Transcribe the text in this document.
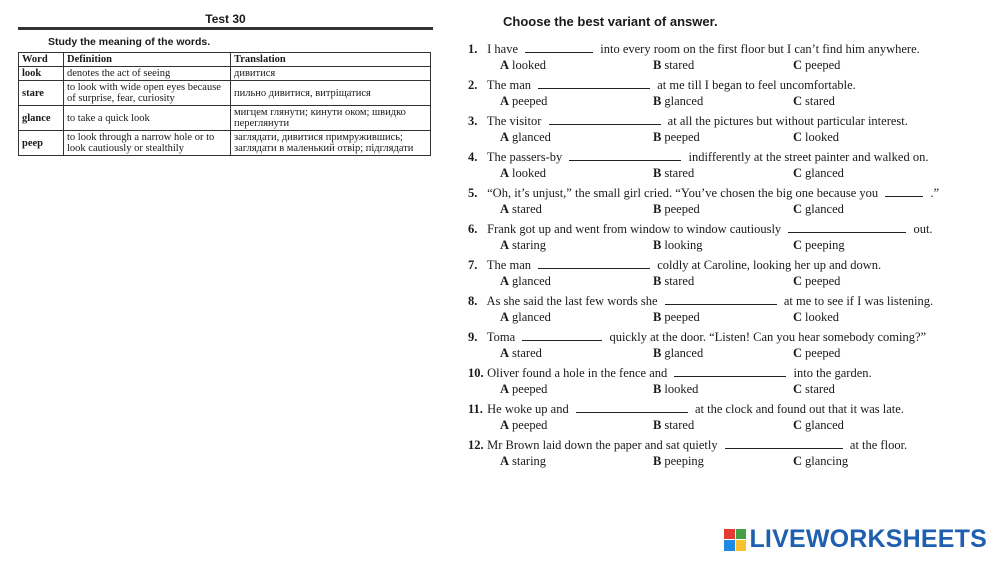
Test 30
Study the meaning of the words.
Word	Definition	Translation
look	denotes the act of seeing	дивитися
stare	to look with wide open eyes because of surprise, fear, curiosity	пильно дивитися, витріщатися
glance	to take a quick look	мигцем глянути; кинути оком; швидко переглянути
peep	to look through a narrow hole or to look cautiously or stealthily	заглядати, дивитися примружившись; заглядати в маленький отвір; підглядати
Choose the best variant of answer.
1. I have	into every room on the first floor but I can’t find him anywhere.
A looked	B stared	C peeped
2. The man	at me till I began to feel uncomfortable.
A peeped	B glanced	C stared
3. The visitor	at all the pictures but without particular interest.
A glanced	B peeped	C looked
4. The passers-by	indifferently at the street painter and walked on.
A looked	B stared	C glanced
5. “Oh, it’s unjust,” the small girl cried. “You’ve chosen the big one because you	.”
A stared	B peeped	C glanced
6. Frank got up and went from window to window cautiously	out.
A staring	B looking	C peeping
7. The man	coldly at Caroline, looking her up and down.
A glanced	B stared	C peeped
8. As she said the last few words she	at me to see if I was listening.
A glanced	B peeped	C looked
9. Toma	quickly at the door. “Listen! Can you hear somebody coming?”
A stared	B glanced	C peeped
10. Oliver found a hole in the fence and	into the garden.
A peeped	B looked	C stared
11. He woke up and	at the clock and found out that it was late.
A peeped	B stared	C glanced
12. Mr Brown laid down the paper and sat quietly	at the floor.
A staring	B peeping	C glancing
LIVEWORKSHEETS
